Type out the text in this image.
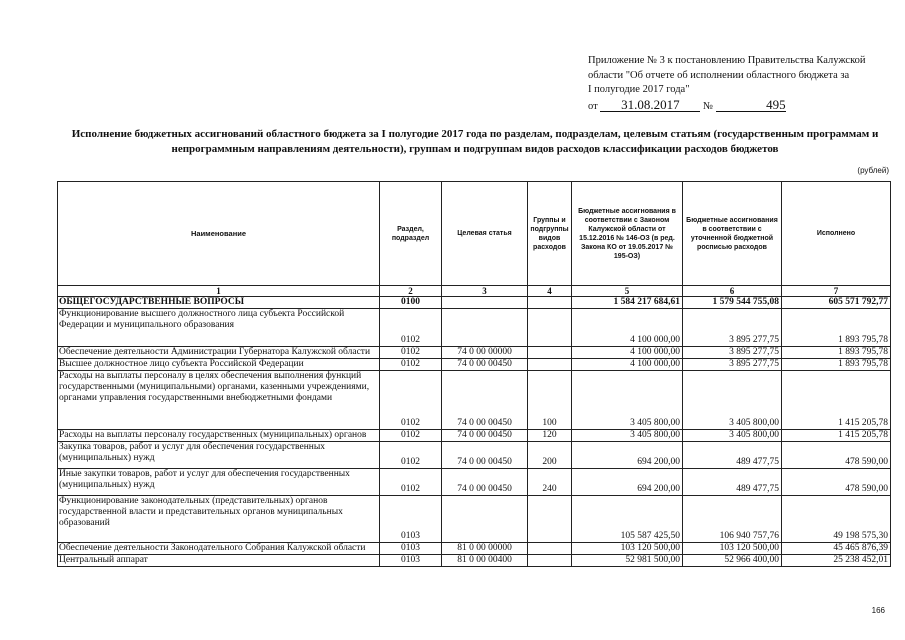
Приложение № 3 к постановлению Правительства Калужской
области "Об отчете об исполнении областного бюджета за
I полугодие 2017 года"
от 31.08.2017 №	495
Исполнение бюджетных ассигнований областного бюджета за I полугодие 2017 года по разделам, подразделам, целевым статьям (государственным программам и непрограммным направлениям деятельности), группам и подгруппам видов расходов классификации расходов бюджетов
(рублей)
Наименование	Раздел, подраздел	Целевая статья	Группы и подгруппы видов расходов	Бюджетные ассигнования в соответствии с Законом Калужской области от 15.12.2016 № 146-ОЗ (в ред. Закона КО от 19.05.2017 № 195-ОЗ)	Бюджетные ассигнования в соответствии с уточненной бюджетной росписью расходов	Исполнено
1	2	3	4	5	6	7
ОБЩЕГОСУДАРСТВЕННЫЕ ВОПРОСЫ	0100			1 584 217 684,61	1 579 544 755,08	605 571 792,77
Функционирование высшего должностного лица субъекта Российской Федерации и муниципального образования	0102			4 100 000,00	3 895 277,75	1 893 795,78
Обеспечение деятельности Администрации Губернатора Калужской области	0102	74 0 00 00000		4 100 000,00	3 895 277,75	1 893 795,78
Высшее должностное лицо субъекта Российской Федерации	0102	74 0 00 00450		4 100 000,00	3 895 277,75	1 893 795,78
Расходы на выплаты персоналу в целях обеспечения выполнения функций государственными (муниципальными) органами, казенными учреждениями, органами управления государственными внебюджетными фондами	0102	74 0 00 00450	100	3 405 800,00	3 405 800,00	1 415 205,78
Расходы на выплаты персоналу государственных (муниципальных) органов	0102	74 0 00 00450	120	3 405 800,00	3 405 800,00	1 415 205,78
Закупка товаров, работ и услуг для обеспечения государственных (муниципальных) нужд	0102	74 0 00 00450	200	694 200,00	489 477,75	478 590,00
Иные закупки товаров, работ и услуг для обеспечения государственных (муниципальных) нужд	0102	74 0 00 00450	240	694 200,00	489 477,75	478 590,00
Функционирование законодательных (представительных) органов государственной власти и представительных органов муниципальных образований	0103			105 587 425,50	106 940 757,76	49 198 575,30
Обеспечение деятельности Законодательного Собрания Калужской области	0103	81 0 00 00000		103 120 500,00	103 120 500,00	45 465 876,39
Центральный аппарат	0103	81 0 00 00400		52 981 500,00	52 966 400,00	25 238 452,01
166
